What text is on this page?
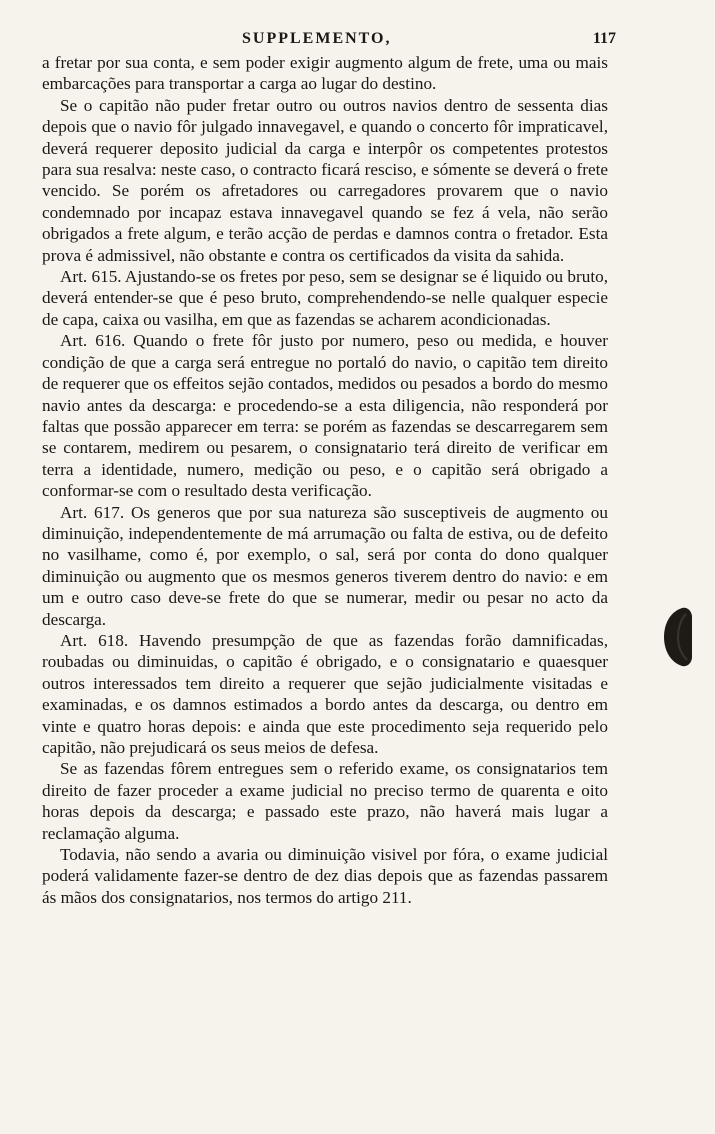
SUPPLEMENTO,	117

a fretar por sua conta, e sem poder exigir augmento algum de frete, uma ou mais embarcações para transportar a carga ao lugar do destino.

Se o capitão não puder fretar outro ou outros navios dentro de sessenta dias depois que o navio fôr julgado innavegavel, e quando o concerto fôr impraticavel, deverá requerer deposito judicial da carga e interpôr os competentes protestos para sua resalva: neste caso, o contracto ficará rescisо, e sómente se deverá o frete vencido. Se porém os afretadores ou carregadores provarem que o navio condemnado por incapaz estava innavegavel quando se fez á vela, não serão obrigados a frete algum, e terão acção de perdas e damnos contra o fretador. Esta prova é admissivel, não obstante e contra os certificados da visita da sahida.

Art. 615. Ajustando-se os fretes por peso, sem se designar se é liquido ou bruto, deverá entender-se que é peso bruto, comprehendendo-se nelle qualquer especie de capa, caixa ou vasilha, em que as fazendas se acharem acondicionadas.

Art. 616. Quando o frete fôr justo por numero, peso ou medida, e houver condição de que a carga será entregue no portaló do navio, o capitão tem direito de requerer que os effeitos sejão contados, medidos ou pesados a bordo do mesmo navio antes da descarga: e procedendo-se a esta diligencia, não responderá por faltas que possão apparecer em terra: se porém as fazendas se descarregarem sem se contarem, medirem ou pesarem, o consignatario terá direito de verificar em terra a identidade, numero, medição ou peso, e o capitão será obrigado a conformar-se com o resultado desta verificação.

Art. 617. Os generos que por sua natureza são susceptiveis de augmento ou diminuição, independentemente de má arrumação ou falta de estiva, ou de defeito no vasilhame, como é, por exemplo, o sal, será por conta do dono qualquer diminuição ou augmento que os mesmos generos tiverem dentro do navio: e em um e outro caso deve-se frete do que se numerar, medir ou pesar no acto da descarga.

Art. 618. Havendo presumpção de que as fazendas forão damnificadas, roubadas ou diminuidas, o capitão é obrigado, e o consignatario e quaesquer outros interessados tem direito a requerer que sejão judicialmente visitadas e examinadas, e os damnos estimados a bordo antes da descarga, ou dentro em vinte e quatro horas depois: e ainda que este procedimento seja requerido pelo capitão, não prejudicará os seus meios de defesa.

Se as fazendas fôrem entregues sem o referido exame, os consignatarios tem direito de fazer proceder a exame judicial no preciso termo de quarenta e oito horas depois da descarga; e passado este prazo, não haverá mais lugar a reclamação alguma.

Todavia, não sendo a avaria ou diminuição visivel por fóra, o exame judicial poderá validamente fazer-se dentro de dez dias depois que as fazendas passarem ás mãos dos consignatarios, nos termos do artigo 211.
